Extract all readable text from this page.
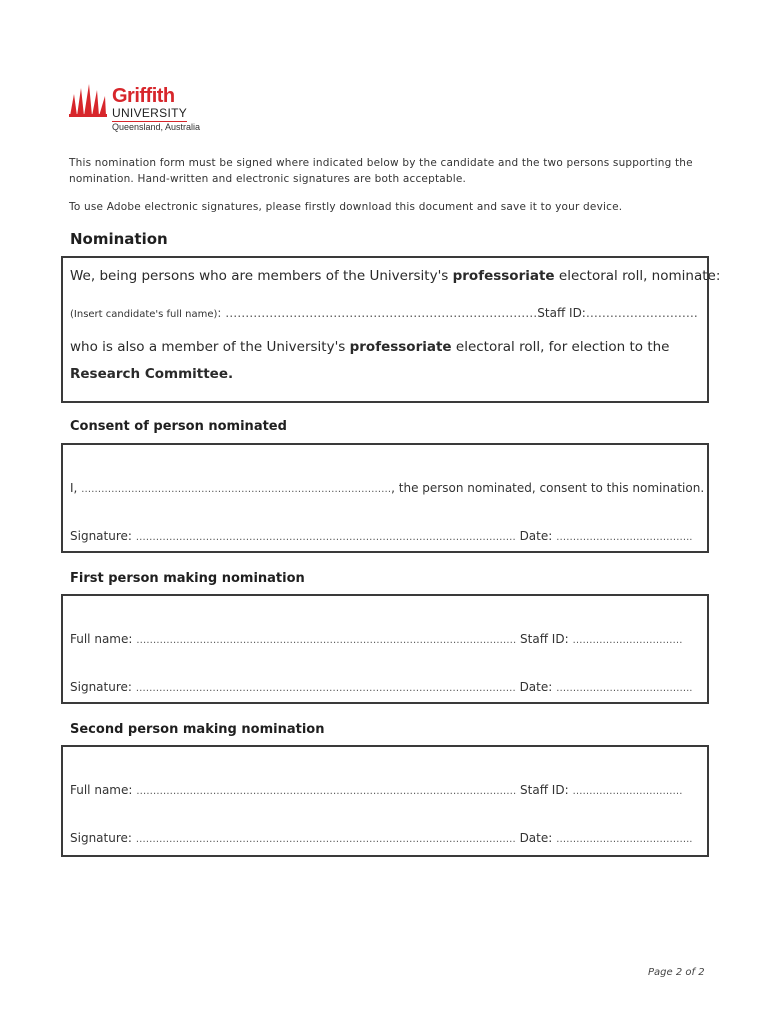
Griffith
UNIVERSITY
Queensland, Australia
This nomination form must be signed where indicated below by the candidate and the two persons supporting the nomination. Hand-written and electronic signatures are both acceptable.
To use Adobe electronic signatures, please firstly download this document and save it to your device.
Nomination
We, being persons who are members of the University's professoriate electoral roll, nominate:
(Insert candidate's full name): ……………………………………………………………………Staff ID:……………………….
who is also a member of the University's professoriate electoral roll, for election to the
Research Committee.
Consent of person nominated
I, …………………………………………………………………………………, the person nominated, consent to this nomination.
Signature: …………………………………………………………………………………………………… Date: …………………………………..
First person making nomination
Full name: …………………………………………………………………………………………………… Staff ID: ……………………………
Signature: …………………………………………………………………………………………………… Date: …………………………………..
Second person making nomination
Full name: …………………………………………………………………………………………………… Staff ID: ……………………………
Signature: …………………………………………………………………………………………………… Date: …………………………………..
Page 2 of 2
